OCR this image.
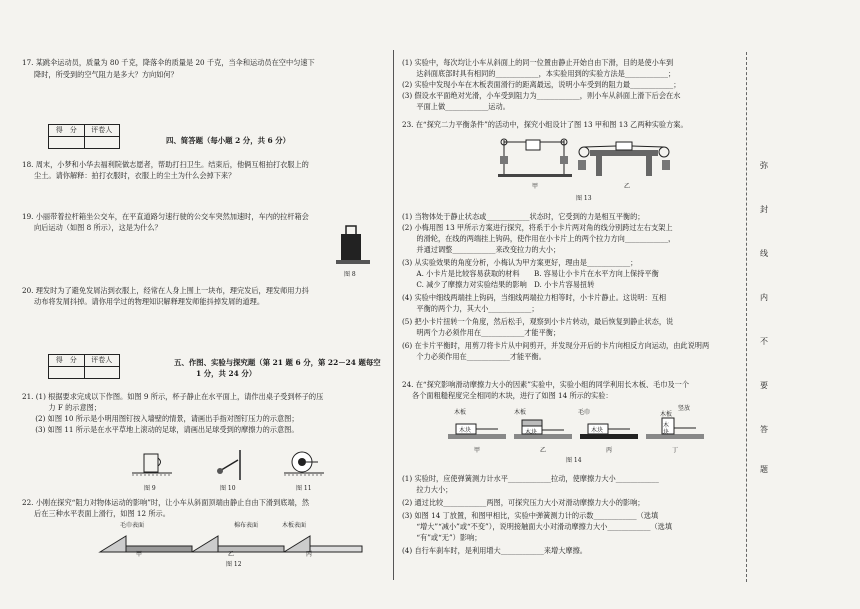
17. 某跳伞运动员，质量为 80 千克，降落伞的质量是 20 千克，当伞和运动员在空中匀速下
降时，所受到的空气阻力是多大？方向如何？
得　分	评卷人

四、简答题（每小题 2 分，共 6 分）
18. 周末，小梦和小华去福利院做志愿者，帮助打扫卫生。结束后，他俩互相拍打衣服上的
尘土。请你解释：拍打衣服时，衣服上的尘土为什么会掉下来？
19. 小丽带着拉杆箱坐公交车，在平直道路匀速行驶的公交车突然加速时，车内的拉杆箱会
向后运动（如图 8 所示），这是为什么？
图 8
20. 理发时为了避免发屑沾到衣服上，经常在人身上围上一块布，理完发后，理发师用力抖
动布将发屑抖掉。请你用学过的物理知识解释理发师能抖掉发屑的道理。
得　分	评卷人
		五、作图、实验与探究题（第 21 题 6 分，第 22－24 题每空
1 分，共 24 分）
21. (1) 根据要求完成以下作图。如图 9 所示，杯子静止在水平面上，请作出桌子受到杯子的压
　　力 F 的示意图；
　(2) 如图 10 所示是小明用图钉按入墙壁的情景，请画出手指对图钉压力的示意图；
　(3) 如图 11 所示是在水平草地上滚动的足球，请画出足球受到的摩擦力的示意图。
图 9	图 10	图 11
22. 小刚在探究“阻力对物体运动的影响”时，让小车从斜面顶端由静止自由下滑到底端，然
后在三种水平表面上滑行，如图 12 所示。
毛巾表面	棉布表面	木板表面
甲	乙	丙
图 12
(1) 实验中，每次均让小车从斜面上的同一位置由静止开始自由下滑，目的是使小车到
　　达斜面底部时具有相同的____________，本实验用到的实验方法是____________；
(2) 实验中发现小车在木板表面滑行的距离最远，说明小车受到的阻力最____________；
(3) 假设水平面绝对光滑，小车受到阻力为____________，则小车从斜面上滑下后会在水
　　平面上做____________运动。
23. 在“探究二力平衡条件”的活动中，探究小组设计了图 13 甲和图 13 乙两种实验方案。
甲	乙
图 13
(1) 当物体处于静止状态或____________状态时，它受到的力是相互平衡的；
(2) 小梅用图 13 甲所示方案进行探究，将系于小卡片两对角的线分别跨过左右支架上
　　的滑轮，在线的两端挂上钩码，使作用在小卡片上的两个拉力方向____________，
　　并通过调整____________来改变拉力的大小；
(3) 从实验效果的角度分析，小梅认为甲方案更好，理由是____________；
　　A. 小卡片是比较容易获取的材料　　B. 容易让小卡片在水平方向上保持平衡
　　C. 减少了摩擦力对实验结果的影响　D. 小卡片容易扭转
(4) 实验中细线两端挂上钩码，当细线两端拉力相等时，小卡片静止。这说明：互相
　　平衡的两个力，其大小____________；
(5) 把小卡片扭转一个角度，然后松手，观察到小卡片转动，最后恢复到静止状态，说
　　明两个力必须作用在____________才能平衡；
(6) 在卡片平衡时，用剪刀将卡片从中间剪开，并发现分开后的卡片向相反方向运动，由此说明两
　　个力必须作用在____________才能平衡。
24. 在“探究影响滑动摩擦力大小的因素”实验中，实验小组的同学利用长木板、毛巾及一个
各个面粗糙程度完全相同的木块，进行了如图 14 所示的实验：
木板	木板	毛巾	木板
竖放
木块	木块	木块
木块
甲	乙	丙	丁
图 14
(1) 实验时，应使弹簧测力计水平____________拉动，使摩擦力大小____________
　　拉力大小；
(2) 通过比较____________两图，可探究压力大小对滑动摩擦力大小的影响；
(3) 如图 14 丁放置，和图甲相比，实验中弹簧测力计的示数____________（选填
　　“增大”“减小”或“不变”），说明接触面大小对滑动摩擦力大小____________（选填
　　“有”或“无”）影响；
(4) 自行车刹车时，是利用增大____________来增大摩擦。
弥
封
线
内
不
要
答
题
